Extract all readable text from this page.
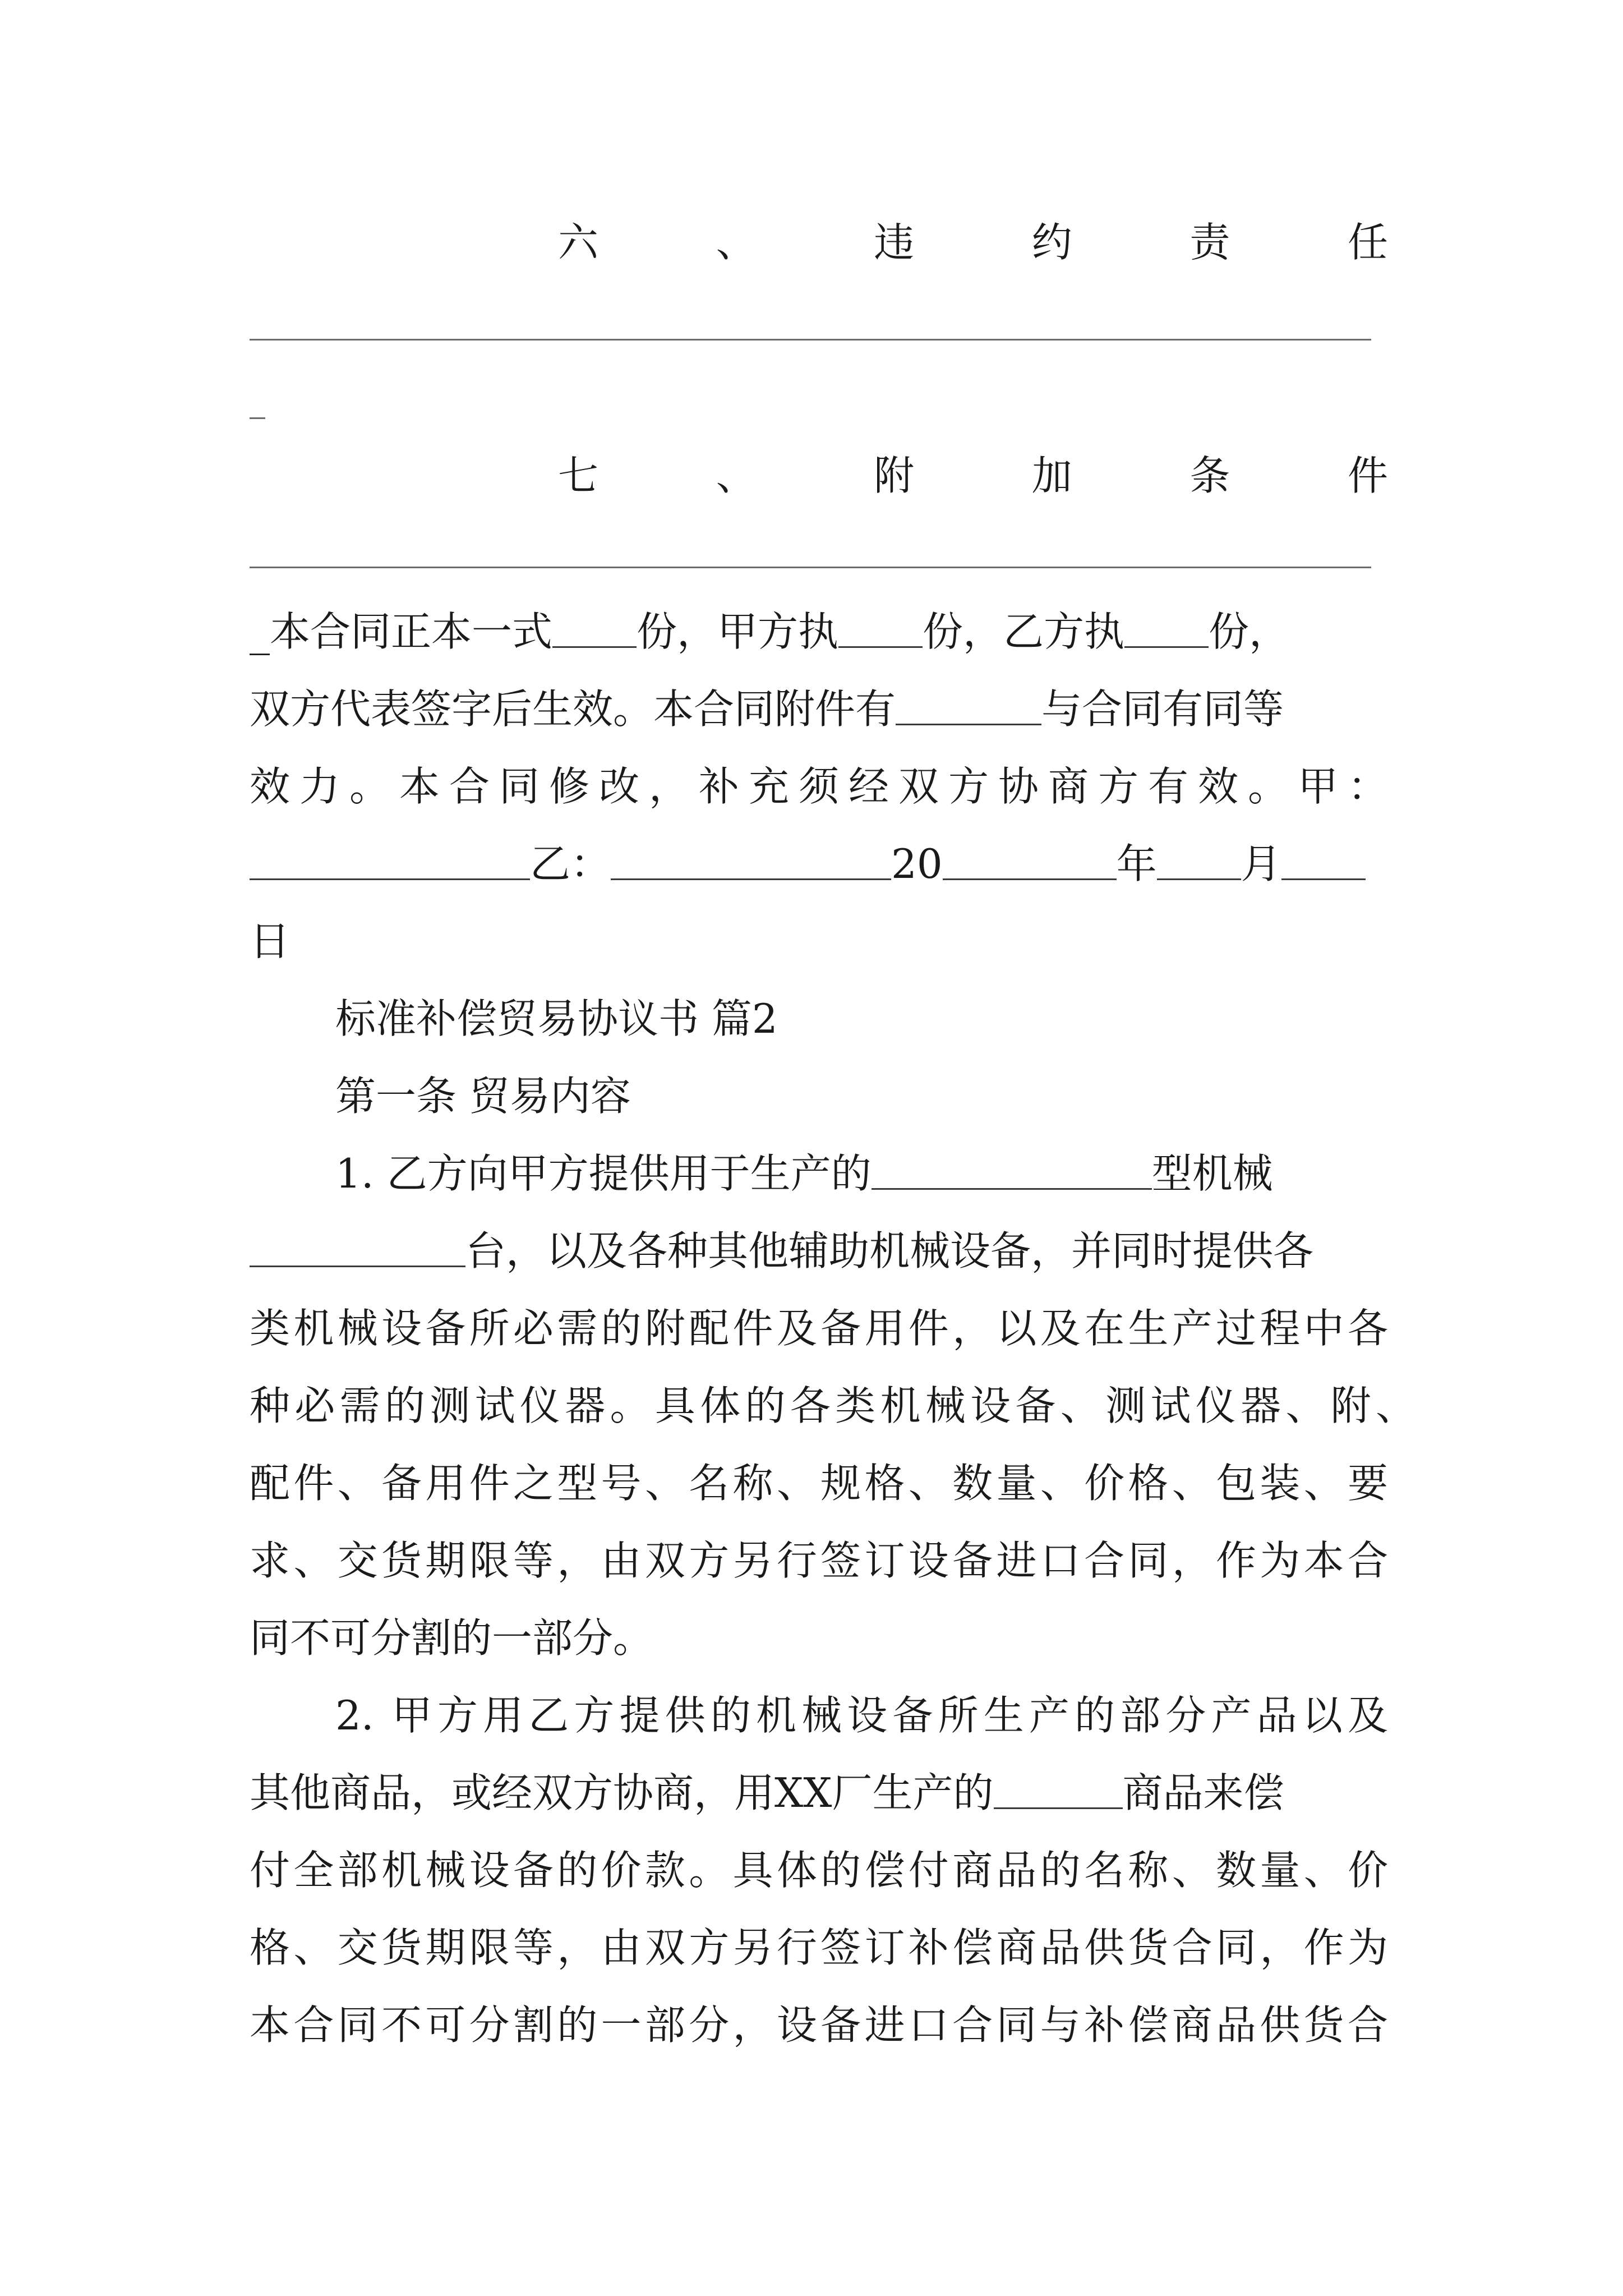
六	、	违	约	责	任
七	、	附	加	条	件
_本合同正本一式 份，甲方执 份，乙方执 份，
双方代表签字后生效。本合同附件有	与合同有同等
效力。本合同修改，补充须经双方协商方有效。甲：
乙：	20	年 月
日
标准补偿贸易协议书 篇2
第一条 贸易内容
1. 乙方向甲方提供用于生产的	型机械
台，以及各种其他辅助机械设备，并同时提供各
类机械设备所必需的附配件及备用件，以及在生产过程中各
种必需的测试仪器。具体的各类机械设备、测试仪器、附、
配件、备用件之型号、名称、规格、数量、价格、包装、要
求、交货期限等，由双方另行签订设备进口合同，作为本合
同不可分割的一部分。
2. 甲方用乙方提供的机械设备所生产的部分产品以及
其他商品，或经双方协商，用XX厂生产的	商品来偿
付全部机械设备的价款。具体的偿付商品的名称、数量、价
格、交货期限等，由双方另行签订补偿商品供货合同，作为
本合同不可分割的一部分，设备进口合同与补偿商品供货合
